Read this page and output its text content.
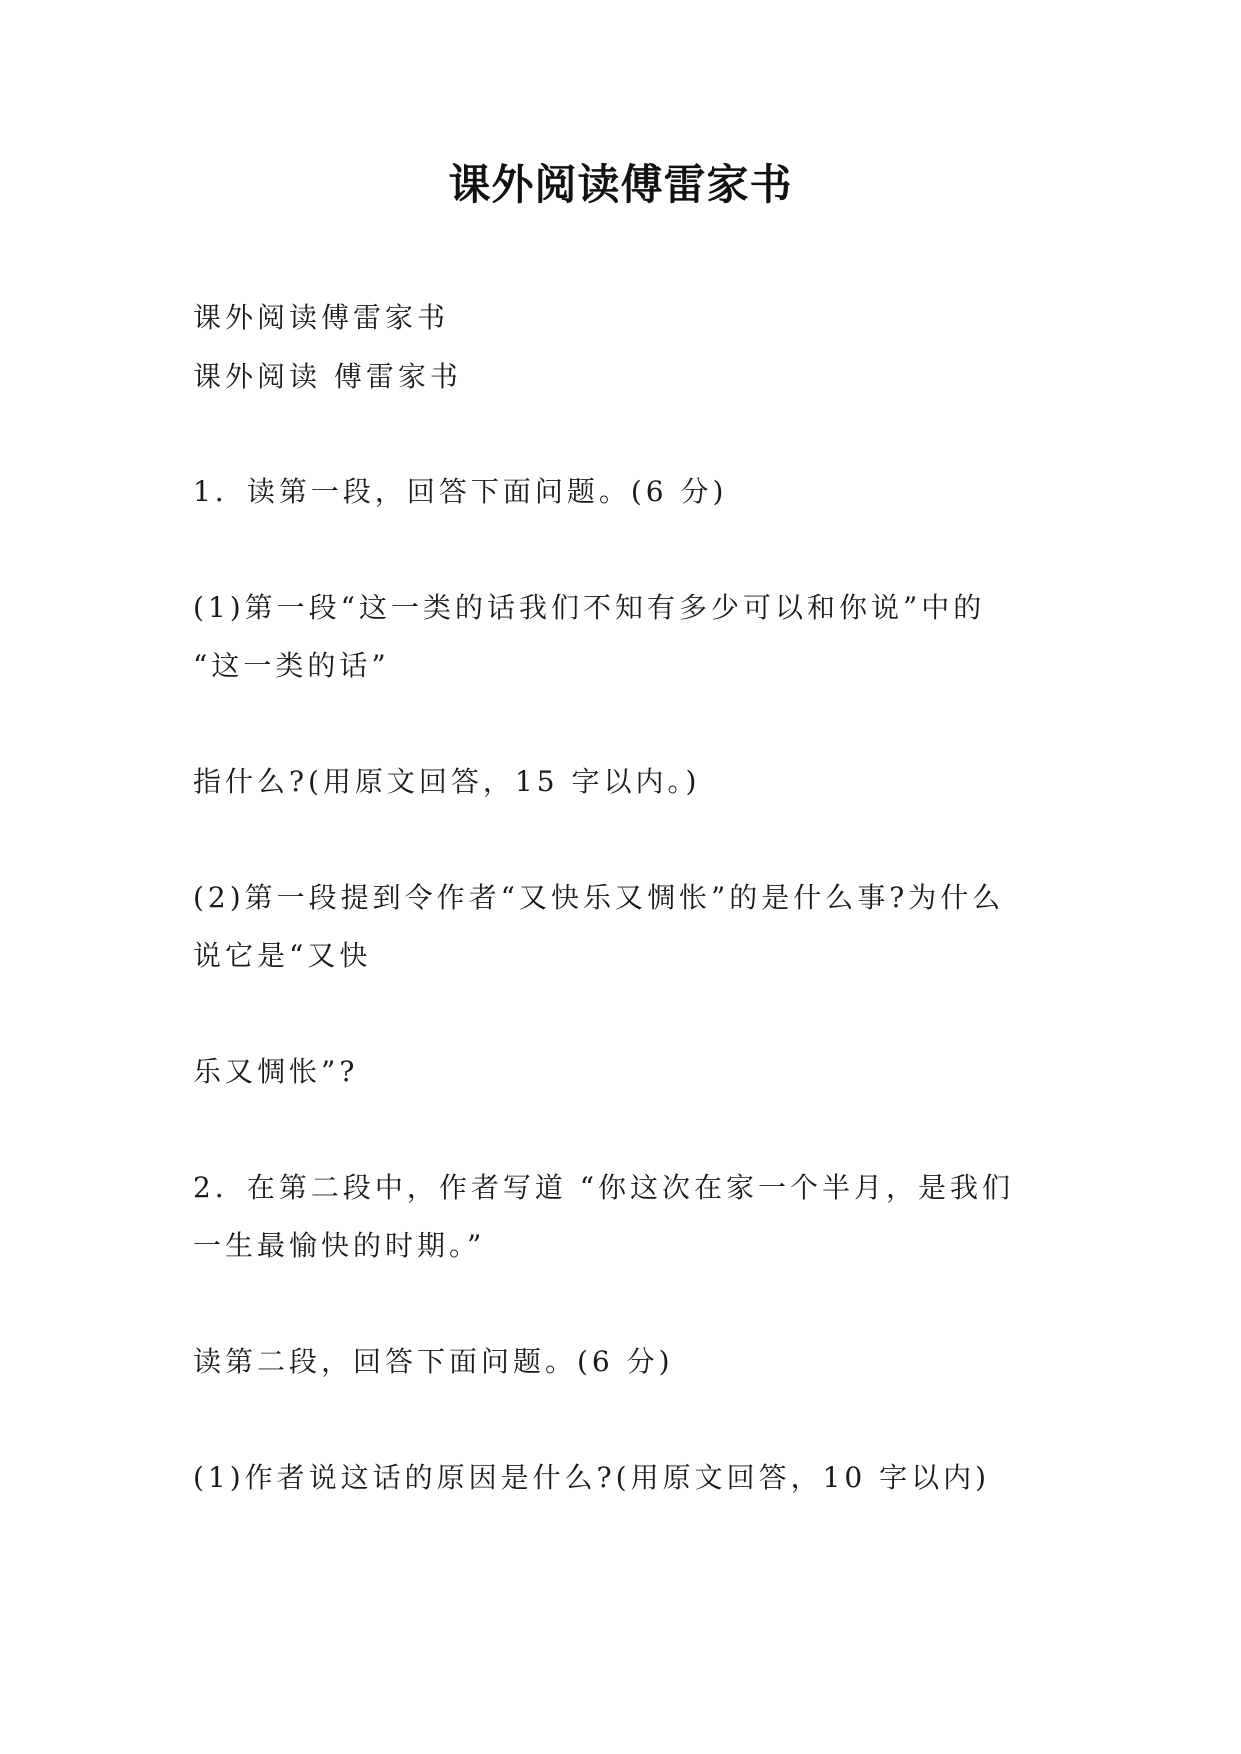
课外阅读傅雷家书
课外阅读傅雷家书
课外阅读 傅雷家书
1．读第一段，回答下面问题。(6 分)
(1)第一段“这一类的话我们不知有多少可以和你说”中的
“这一类的话”
指什么?(用原文回答，15 字以内。)
(2)第一段提到令作者“又快乐又惆怅”的是什么事?为什么
说它是“又快
乐又惆怅”?
2．在第二段中，作者写道 “你这次在家一个半月，是我们
一生最愉快的时期。”
读第二段，回答下面问题。(6 分)
(1)作者说这话的原因是什么?(用原文回答，10 字以内)
